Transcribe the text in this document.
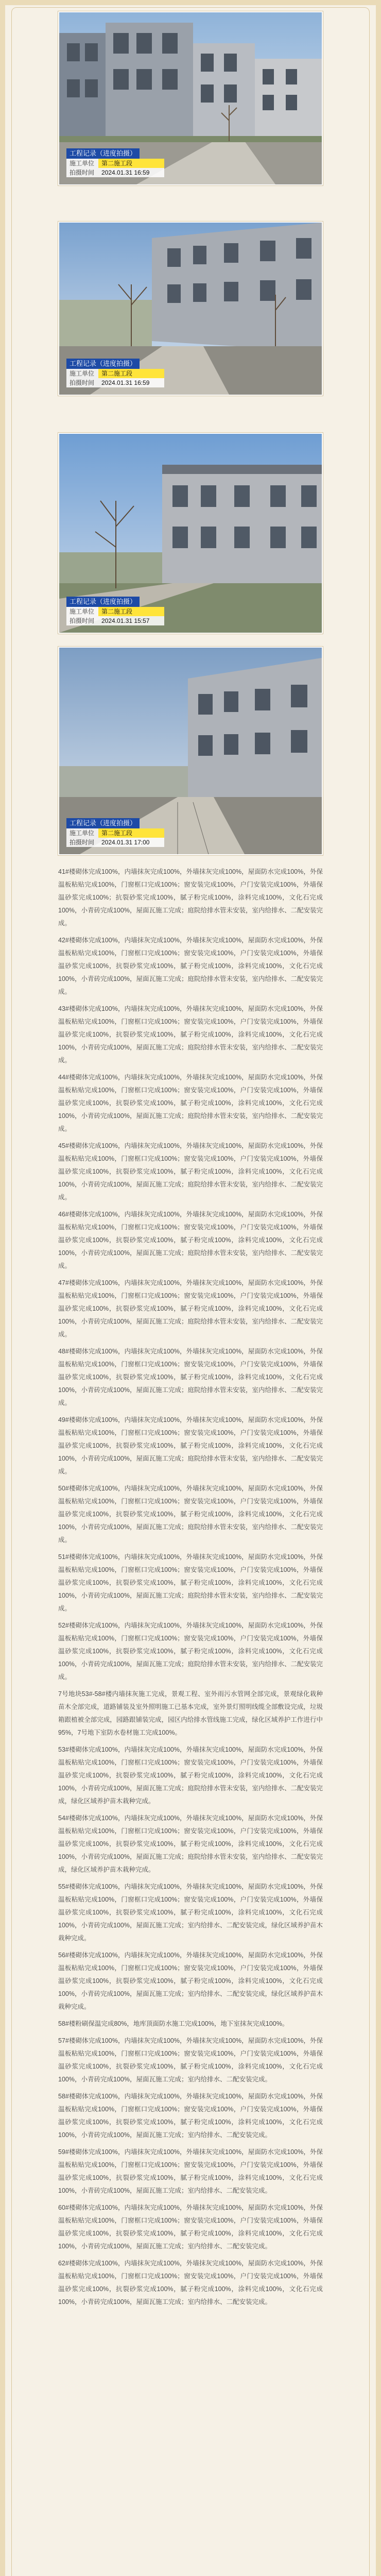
工程记录（进度拍摄）
施工单位	第二施工段
拍摄时间	2024.01.31 16:59
工程记录（进度拍摄）
施工单位	第二施工段
拍摄时间	2024.01.31 16:59
工程记录（进度拍摄）
施工单位	第二施工段
拍摄时间	2024.01.31 15:57
工程记录（进度拍摄）
施工单位	第二施工段
拍摄时间	2024.01.31 17:00

41#楼砌体完成100%，内墙抹灰完成100%，外墙抹灰完成100%，屋面防水完成100%，外保温板粘贴完成100%，门窗框口完成100%；窗安装完成100%，户门安装完成100%，外墙保温砂浆完成100%；抗裂砂浆完成100%，腻子粉完成100%，涂料完成100%，文化石完成100%，小青砖完成100%，屋面瓦施工完成；庭院给排水管未安装，室内给排水、二配安装完成。

42#楼砌体完成100%，内墙抹灰完成100%，外墙抹灰完成100%，屋面防水完成100%，外保温板粘贴完成100%，门窗框口完成100%；窗安装完成100%，户门安装完成100%，外墙保温砂浆完成100%，抗裂砂浆完成100%，腻子粉完成100%，涂料完成100%，文化石完成100%，小青砖完成100%，屋面瓦施工完成；庭院给排水管未安装，室内给排水、二配安装完成。

43#楼砌体完成100%，内墙抹灰完成100%，外墙抹灰完成100%，屋面防水完成100%，外保温板粘贴完成100%，门窗框口完成100%；窗安装完成100%，户门安装完成100%，外墙保温砂浆完成100%，抗裂砂浆完成100%，腻子粉完成100%，涂料完成100%，文化石完成100%，小青砖完成100%，屋面瓦施工完成；庭院给排水管未安装，室内给排水、二配安装完成。

44#楼砌体完成100%，内墙抹灰完成100%，外墙抹灰完成100%，屋面防水完成100%，外保温板粘贴完成100%，门窗框口完成100%；窗安装完成100%，户门安装完成100%，外墙保温砂浆完成100%，抗裂砂浆完成100%，腻子粉完成100%，涂料完成100%，文化石完成100%，小青砖完成100%，屋面瓦施工完成；庭院给排水管未安装，室内给排水、二配安装完成。

45#楼砌体完成100%，内墙抹灰完成100%，外墙抹灰完成100%，屋面防水完成100%，外保温板粘贴完成100%，门窗框口完成100%；窗安装完成100%，户门安装完成100%，外墙保温砂浆完成100%，抗裂砂浆完成100%，腻子粉完成100%，涂料完成100%，文化石完成100%，小青砖完成100%，屋面瓦施工完成；庭院给排水管未安装，室内给排水、二配安装完成。

46#楼砌体完成100%，内墙抹灰完成100%，外墙抹灰完成100%，屋面防水完成100%，外保温板粘贴完成100%，门窗框口完成100%；窗安装完成100%，户门安装完成100%，外墙保温砂浆完成100%，抗裂砂浆完成100%，腻子粉完成100%，涂料完成100%，文化石完成100%，小青砖完成100%，屋面瓦施工完成；庭院给排水管未安装，室内给排水、二配安装完成。

47#楼砌体完成100%，内墙抹灰完成100%，外墙抹灰完成100%，屋面防水完成100%，外保温板粘贴完成100%，门窗框口完成100%；窗安装完成100%，户门安装完成100%，外墙保温砂浆完成100%，抗裂砂浆完成100%，腻子粉完成100%，涂料完成100%，文化石完成100%，小青砖完成100%，屋面瓦施工完成；庭院给排水管未安装，室内给排水、二配安装完成。

48#楼砌体完成100%，内墙抹灰完成100%，外墙抹灰完成100%，屋面防水完成100%，外保温板粘贴完成100%，门窗框口完成100%；窗安装完成100%，户门安装完成100%，外墙保温砂浆完成100%，抗裂砂浆完成100%，腻子粉完成100%，涂料完成100%，文化石完成100%，小青砖完成100%，屋面瓦施工完成；庭院给排水管未安装，室内给排水、二配安装完成。

49#楼砌体完成100%，内墙抹灰完成100%，外墙抹灰完成100%，屋面防水完成100%，外保温板粘贴完成100%，门窗框口完成100%；窗安装完成100%，户门安装完成100%，外墙保温砂浆完成100%，抗裂砂浆完成100%，腻子粉完成100%，涂料完成100%，文化石完成100%，小青砖完成100%，屋面瓦施工完成；庭院给排水管未安装，室内给排水、二配安装完成。

50#楼砌体完成100%，内墙抹灰完成100%，外墙抹灰完成100%，屋面防水完成100%，外保温板粘贴完成100%，门窗框口完成100%；窗安装完成100%，户门安装完成100%，外墙保温砂浆完成100%，抗裂砂浆完成100%，腻子粉完成100%，涂料完成100%，文化石完成100%，小青砖完成100%，屋面瓦施工完成；庭院给排水管未安装，室内给排水、二配安装完成。

51#楼砌体完成100%，内墙抹灰完成100%，外墙抹灰完成100%，屋面防水完成100%，外保温板粘贴完成100%，门窗框口完成100%；窗安装完成100%，户门安装完成100%，外墙保温砂浆完成100%，抗裂砂浆完成100%，腻子粉完成100%，涂料完成100%，文化石完成100%，小青砖完成100%，屋面瓦施工完成；庭院给排水管未安装，室内给排水、二配安装完成。

52#楼砌体完成100%，内墙抹灰完成100%，外墙抹灰完成100%，屋面防水完成100%，外保温板粘贴完成100%，门窗框口完成100%；窗安装完成100%，户门安装完成100%，外墙保温砂浆完成100%，抗裂砂浆完成100%，腻子粉完成100%，涂料完成100%，文化石完成100%，小青砖完成100%，屋面瓦施工完成；庭院给排水管未安装，室内给排水、二配安装完成。

7号地块53#-58#楼内墙抹灰施工完成，景观工程、室外雨污水管网全部完成，景观绿化栽种苗木全部完成，道路铺装及室外照明施工已基本完成，室外景灯照明线缆全部敷设完成，垃圾箱跟植被全部完成，园路跟铺装完成，园区内给排水管线施工完成，绿化区域养护工作进行中95%，7号地下室防水卷材施工完成100%。

53#楼砌体完成100%，内墙抹灰完成100%，外墙抹灰完成100%，屋面防水完成100%，外保温板粘贴完成100%，门窗框口完成100%；窗安装完成100%，户门安装完成100%，外墙保温砂浆完成100%，抗裂砂浆完成100%，腻子粉完成100%，涂料完成100%，文化石完成100%，小青砖完成100%，屋面瓦施工完成；庭院给排水管未安装，室内给排水、二配安装完成，绿化区域养护苗木栽种完成。

54#楼砌体完成100%，内墙抹灰完成100%，外墙抹灰完成100%，屋面防水完成100%，外保温板粘贴完成100%，门窗框口完成100%；窗安装完成100%，户门安装完成100%，外墙保温砂浆完成100%，抗裂砂浆完成100%，腻子粉完成100%，涂料完成100%，文化石完成100%，小青砖完成100%，屋面瓦施工完成；庭院给排水管未安装，室内给排水、二配安装完成，绿化区域养护苗木栽种完成。

55#楼砌体完成100%，内墙抹灰完成100%，外墙抹灰完成100%，屋面防水完成100%，外保温板粘贴完成100%，门窗框口完成100%；窗安装完成100%，户门安装完成100%，外墙保温砂浆完成100%，抗裂砂浆完成100%，腻子粉完成100%，涂料完成100%，文化石完成100%，小青砖完成100%，屋面瓦施工完成；室内给排水、二配安装完成，绿化区域养护苗木栽种完成。

56#楼砌体完成100%，内墙抹灰完成100%，外墙抹灰完成100%，屋面防水完成100%，外保温板粘贴完成100%，门窗框口完成100%；窗安装完成100%，户门安装完成100%，外墙保温砂浆完成100%，抗裂砂浆完成100%，腻子粉完成100%，涂料完成100%，文化石完成100%，小青砖完成100%，屋面瓦施工完成；室内给排水、二配安装完成，绿化区域养护苗木栽种完成。

58#楼粉刷保温完成80%，地库顶面防水施工完成100%，地下室抹灰完成100%。

57#楼砌体完成100%，内墙抹灰完成100%，外墙抹灰完成100%，屋面防水完成100%，外保温板粘贴完成100%，门窗框口完成100%；窗安装完成100%，户门安装完成100%，外墙保温砂浆完成100%，抗裂砂浆完成100%，腻子粉完成100%，涂料完成100%，文化石完成100%，小青砖完成100%，屋面瓦施工完成；室内给排水、二配安装完成。

58#楼砌体完成100%，内墙抹灰完成100%，外墙抹灰完成100%，屋面防水完成100%，外保温板粘贴完成100%，门窗框口完成100%；窗安装完成100%，户门安装完成100%，外墙保温砂浆完成100%，抗裂砂浆完成100%，腻子粉完成100%，涂料完成100%，文化石完成100%，小青砖完成100%，屋面瓦施工完成；室内给排水、二配安装完成。

59#楼砌体完成100%，内墙抹灰完成100%，外墙抹灰完成100%，屋面防水完成100%，外保温板粘贴完成100%，门窗框口完成100%；窗安装完成100%，户门安装完成100%，外墙保温砂浆完成100%，抗裂砂浆完成100%，腻子粉完成100%，涂料完成100%，文化石完成100%，小青砖完成100%，屋面瓦施工完成；室内给排水、二配安装完成。

60#楼砌体完成100%，内墙抹灰完成100%，外墙抹灰完成100%，屋面防水完成100%，外保温板粘贴完成100%，门窗框口完成100%；窗安装完成100%，户门安装完成100%，外墙保温砂浆完成100%，抗裂砂浆完成100%，腻子粉完成100%，涂料完成100%，文化石完成100%，小青砖完成100%，屋面瓦施工完成；室内给排水、二配安装完成。

62#楼砌体完成100%，内墙抹灰完成100%，外墙抹灰完成100%，屋面防水完成100%，外保温板粘贴完成100%，门窗框口完成100%；窗安装完成100%，户门安装完成100%，外墙保温砂浆完成100%，抗裂砂浆完成100%，腻子粉完成100%，涂料完成100%，文化石完成100%，小青砖完成100%，屋面瓦施工完成；室内给排水、二配安装完成。
